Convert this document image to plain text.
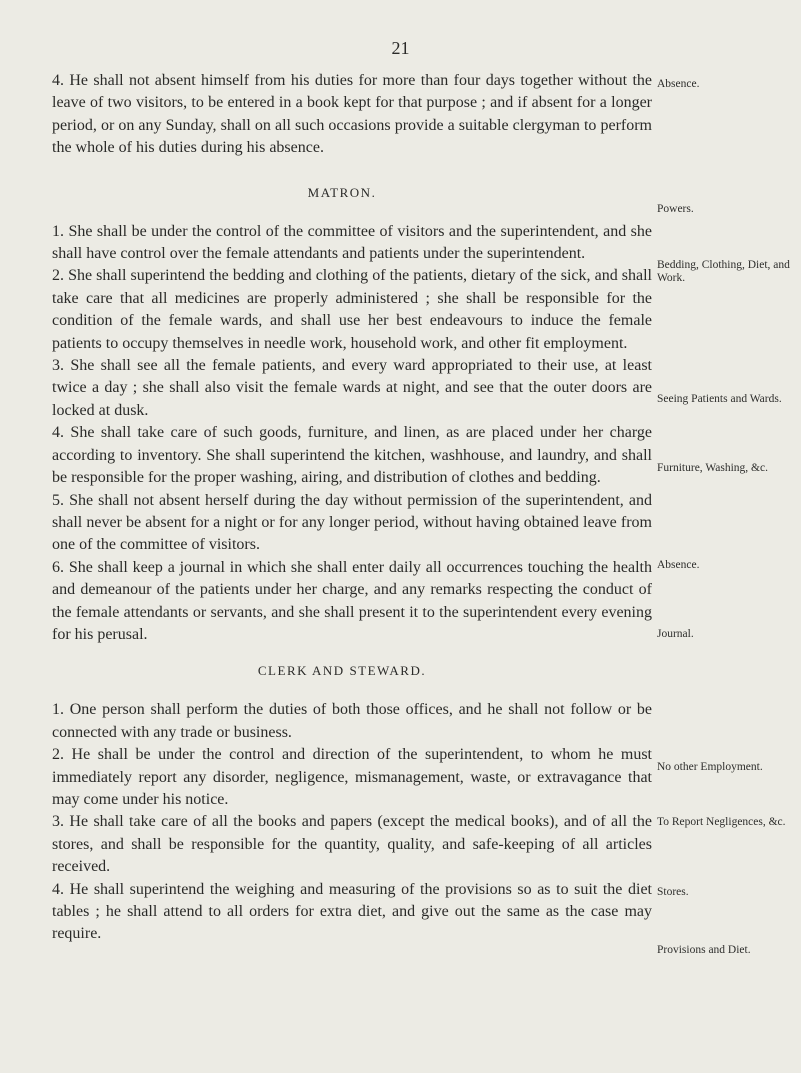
21

4. He shall not absent himself from his duties for more than four days together without the leave of two visitors, to be entered in a book kept for that purpose ; and if absent for a longer period, or on any Sunday, shall on all such occasions provide a suitable clergyman to perform the whole of his duties during his absence.

MATRON.

1. She shall be under the control of the committee of visitors and the superintendent, and she shall have control over the female attendants and patients under the superintendent.

2. She shall superintend the bedding and clothing of the patients, dietary of the sick, and shall take care that all medicines are properly administered ; she shall be responsible for the condition of the female wards, and shall use her best endeavours to induce the female patients to occupy themselves in needle work, household work, and other fit employment.

3. She shall see all the female patients, and every ward appropriated to their use, at least twice a day ; she shall also visit the female wards at night, and see that the outer doors are locked at dusk.

4. She shall take care of such goods, furniture, and linen, as are placed under her charge according to inventory. She shall superintend the kitchen, washhouse, and laundry, and shall be responsible for the proper washing, airing, and distribution of clothes and bedding.

5. She shall not absent herself during the day without permission of the superintendent, and shall never be absent for a night or for any longer period, without having obtained leave from one of the committee of visitors.

6. She shall keep a journal in which she shall enter daily all occurrences touching the health and demeanour of the patients under her charge, and any remarks respecting the conduct of the female attendants or servants, and she shall present it to the superintendent every evening for his perusal.

CLERK AND STEWARD.

1. One person shall perform the duties of both those offices, and he shall not follow or be connected with any trade or business.

2. He shall be under the control and direction of the superintendent, to whom he must immediately report any disorder, negligence, mismanagement, waste, or extravagance that may come under his notice.

3. He shall take care of all the books and papers (except the medical books), and of all the stores, and shall be responsible for the quantity, quality, and safe-keeping of all articles received.

4. He shall superintend the weighing and measuring of the provisions so as to suit the diet tables ; he shall attend to all orders for extra diet, and give out the same as the case may require.

Absence.
Powers.
Bedding, Clothing, Diet, and Work.
Seeing Patients and Wards.
Furniture, Washing, &c.
Absence.
Journal.
No other Employment.
To Report Negligences, &c.
Stores.
Provisions and Diet.
